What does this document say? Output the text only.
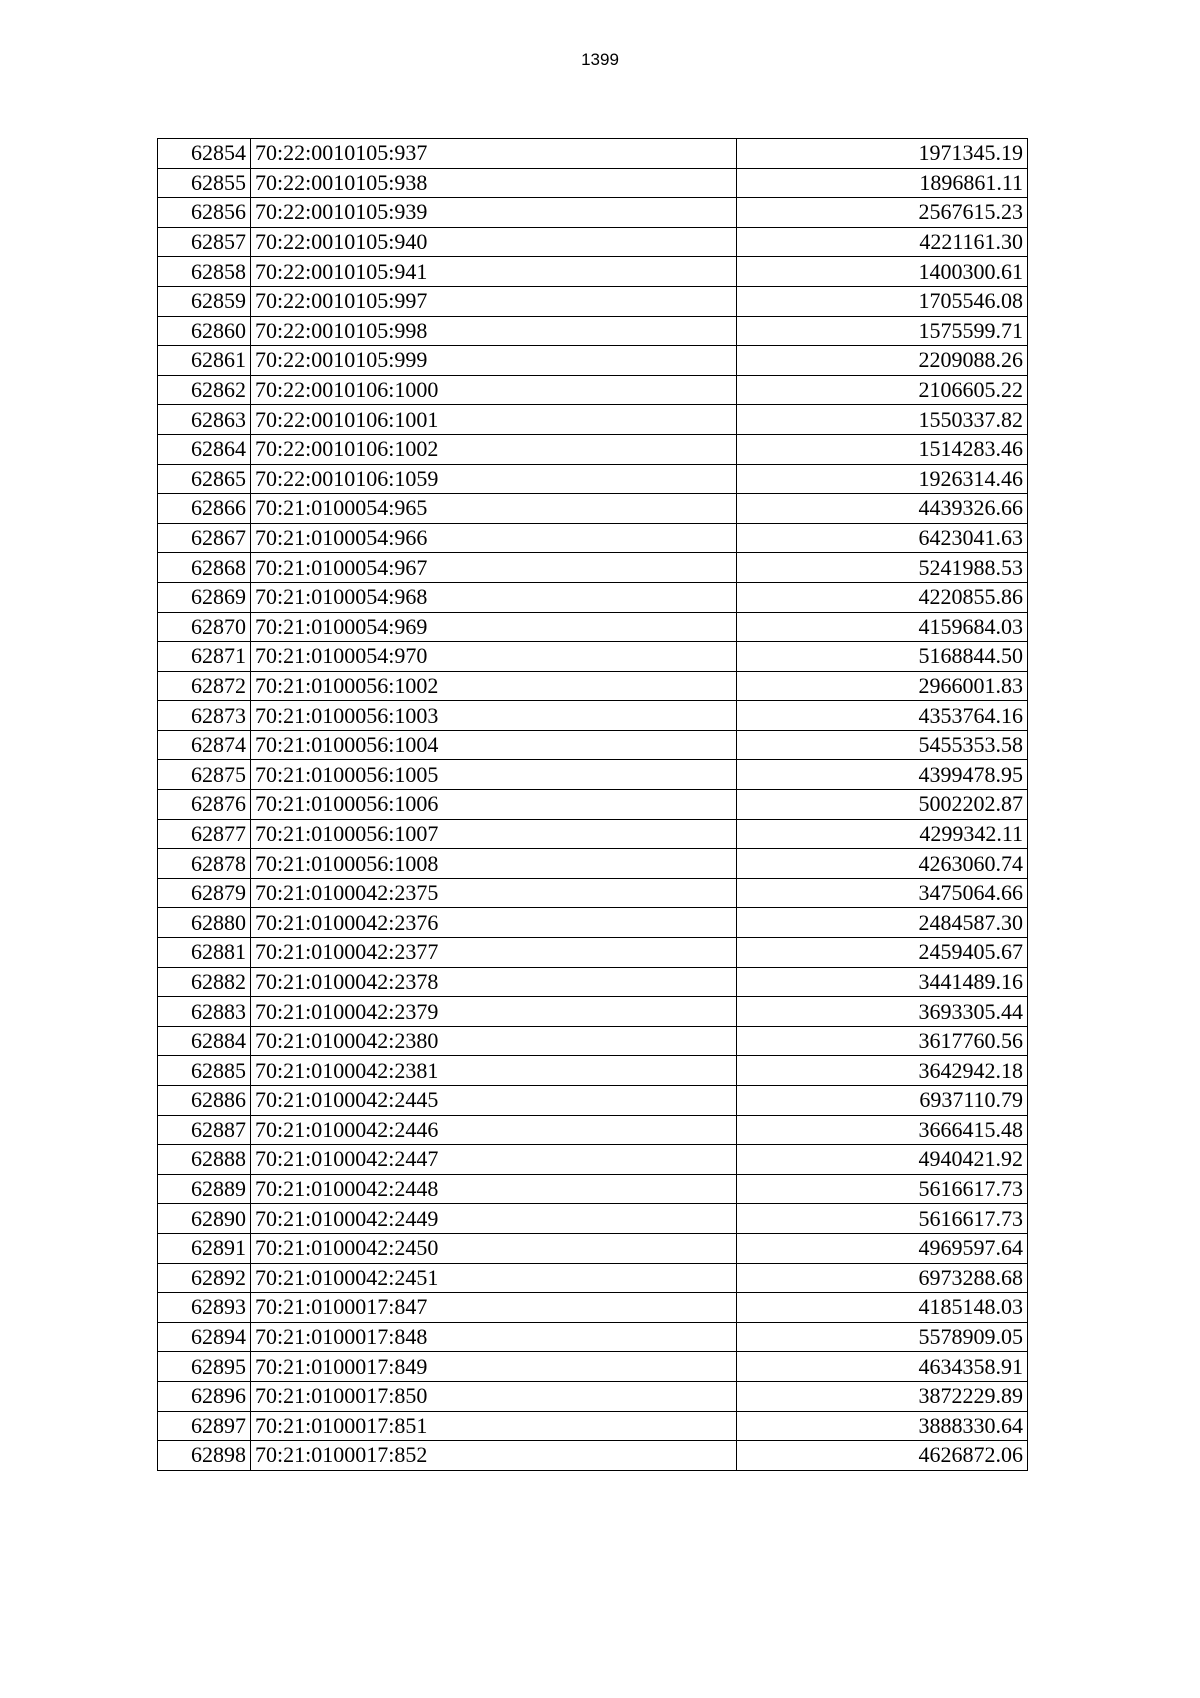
1399
62854	70:22:0010105:937	1971345.19
62855	70:22:0010105:938	1896861.11
62856	70:22:0010105:939	2567615.23
62857	70:22:0010105:940	4221161.30
62858	70:22:0010105:941	1400300.61
62859	70:22:0010105:997	1705546.08
62860	70:22:0010105:998	1575599.71
62861	70:22:0010105:999	2209088.26
62862	70:22:0010106:1000	2106605.22
62863	70:22:0010106:1001	1550337.82
62864	70:22:0010106:1002	1514283.46
62865	70:22:0010106:1059	1926314.46
62866	70:21:0100054:965	4439326.66
62867	70:21:0100054:966	6423041.63
62868	70:21:0100054:967	5241988.53
62869	70:21:0100054:968	4220855.86
62870	70:21:0100054:969	4159684.03
62871	70:21:0100054:970	5168844.50
62872	70:21:0100056:1002	2966001.83
62873	70:21:0100056:1003	4353764.16
62874	70:21:0100056:1004	5455353.58
62875	70:21:0100056:1005	4399478.95
62876	70:21:0100056:1006	5002202.87
62877	70:21:0100056:1007	4299342.11
62878	70:21:0100056:1008	4263060.74
62879	70:21:0100042:2375	3475064.66
62880	70:21:0100042:2376	2484587.30
62881	70:21:0100042:2377	2459405.67
62882	70:21:0100042:2378	3441489.16
62883	70:21:0100042:2379	3693305.44
62884	70:21:0100042:2380	3617760.56
62885	70:21:0100042:2381	3642942.18
62886	70:21:0100042:2445	6937110.79
62887	70:21:0100042:2446	3666415.48
62888	70:21:0100042:2447	4940421.92
62889	70:21:0100042:2448	5616617.73
62890	70:21:0100042:2449	5616617.73
62891	70:21:0100042:2450	4969597.64
62892	70:21:0100042:2451	6973288.68
62893	70:21:0100017:847	4185148.03
62894	70:21:0100017:848	5578909.05
62895	70:21:0100017:849	4634358.91
62896	70:21:0100017:850	3872229.89
62897	70:21:0100017:851	3888330.64
62898	70:21:0100017:852	4626872.06
